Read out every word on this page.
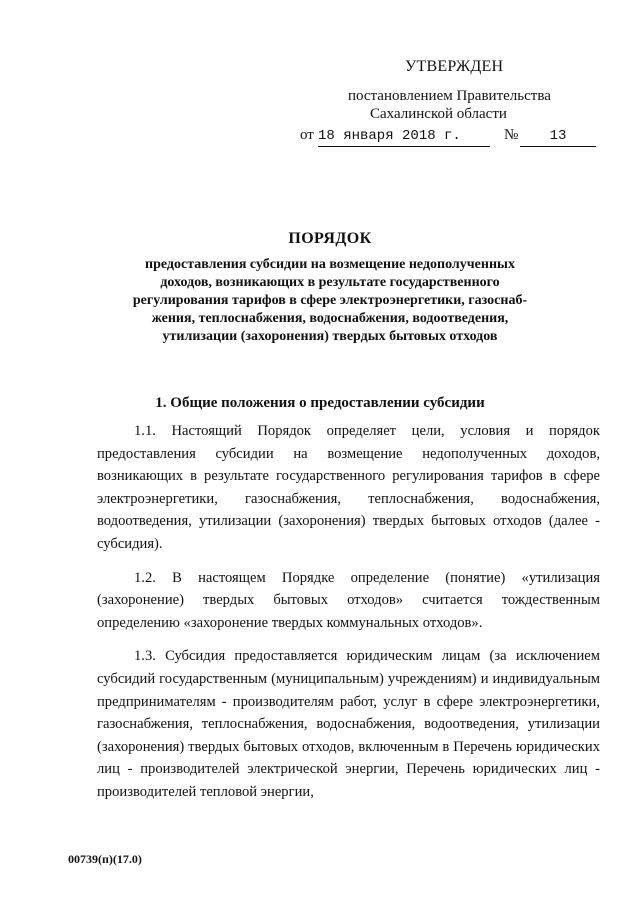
УТВЕРЖДЕН
постановлением Правительства
Сахалинской области
от 18 января 2018 г.	№	13
ПОРЯДОК
предоставления субсидии на возмещение недополученных
доходов, возникающих в результате государственного
регулирования тарифов в сфере электроэнергетики, газоснаб-
жения, теплоснабжения, водоснабжения, водоотведения,
утилизации (захоронения) твердых бытовых отходов
1. Общие положения о предоставлении субсидии

1.1. Настоящий Порядок определяет цели, условия и порядок предоставления субсидии на возмещение недополученных доходов, возникающих в результате государственного регулирования тарифов в сфере электроэнергетики, газоснабжения, теплоснабжения, водоснабжения, водоотведения, утилизации (захоронения) твердых бытовых отходов (далее - субсидия).

1.2. В настоящем Порядке определение (понятие) «утилизация (захоронение) твердых бытовых отходов» считается тождественным определению «захоронение твердых коммунальных отходов».

1.3. Субсидия предоставляется юридическим лицам (за исключением субсидий государственным (муниципальным) учреждениям) и индивидуальным предпринимателям - производителям работ, услуг в сфере электроэнергетики, газоснабжения, теплоснабжения, водоснабжения, водоотведения, утилизации (захоронения) твердых бытовых отходов, включенным в Перечень юридических лиц - производителей электрической энергии, Перечень юридических лиц - производителей тепловой энергии,

00739(п)(17.0)
